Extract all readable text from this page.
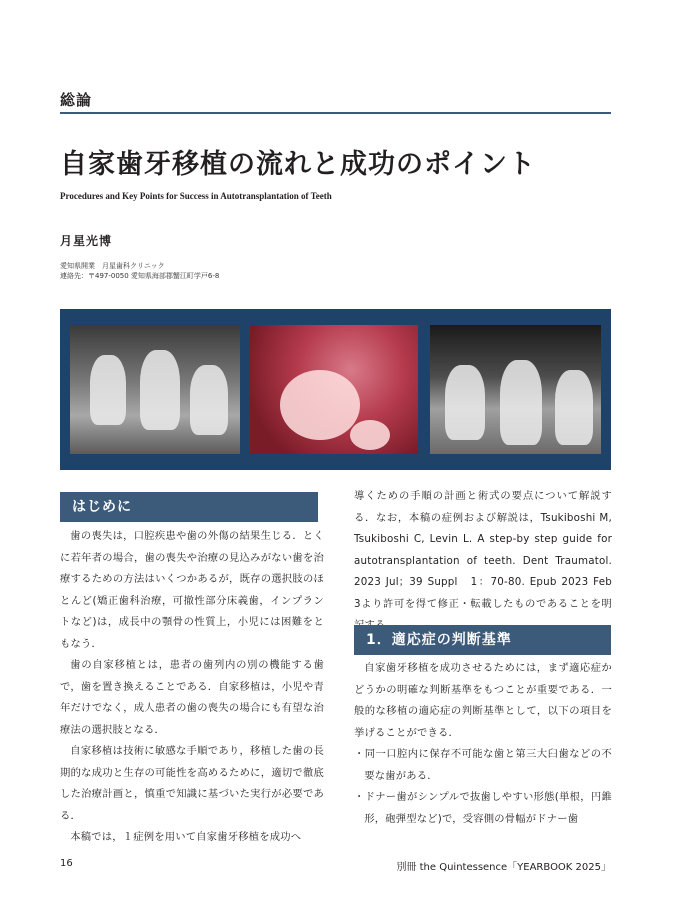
総論
自家歯牙移植の流れと成功のポイント
Procedures and Key Points for Success in Autotransplantation of Teeth
月星光博
愛知県開業　月星歯科クリニック
連絡先：〒497-0050 愛知県海部郡蟹江町学戸6-8
はじめに

歯の喪失は，口腔疾患や歯の外傷の結果生じる．とくに若年者の場合，歯の喪失や治療の見込みがない歯を治療するための方法はいくつかあるが，既存の選択肢のほとんど(矯正歯科治療，可撤性部分床義歯，インプラントなど)は，成長中の顎骨の性質上，小児には困難をともなう．

歯の自家移植とは，患者の歯列内の別の機能する歯で，歯を置き換えることである．自家移植は，小児や青年だけでなく，成人患者の歯の喪失の場合にも有望な治療法の選択肢となる．

自家移植は技術に敏感な手順であり，移植した歯の長期的な成功と生存の可能性を高めるために，適切で徹底した治療計画と，慎重で知識に基づいた実行が必要である．

本稿では，１症例を用いて自家歯牙移植を成功へ

導くための手順の計画と術式の要点について解説する．なお，本稿の症例および解説は，Tsukiboshi M, Tsukiboshi C, Levin L. A step-by step guide for autotransplantation of teeth. Dent Traumatol. 2023 Jul；39 Suppl　1：70-80. Epub 2023 Feb　3より許可を得て修正・転載したものであることを明

1．適応症の判断基準

自家歯牙移植を成功させるためには，まず適応症かどうかの明確な判断基準をもつことが重要である．一般的な移植の適応症の判断基準として，以下の項目を挙げることができる．

・同一口腔内に保存不可能な歯と第三大臼歯などの不要な歯がある．

・ドナー歯がシンプルで抜歯しやすい形態(単根，円錐形，砲弾型など)で，受容側の骨幅がドナー歯

16	別冊 the Quintessence「YEARBOOK 2025」
